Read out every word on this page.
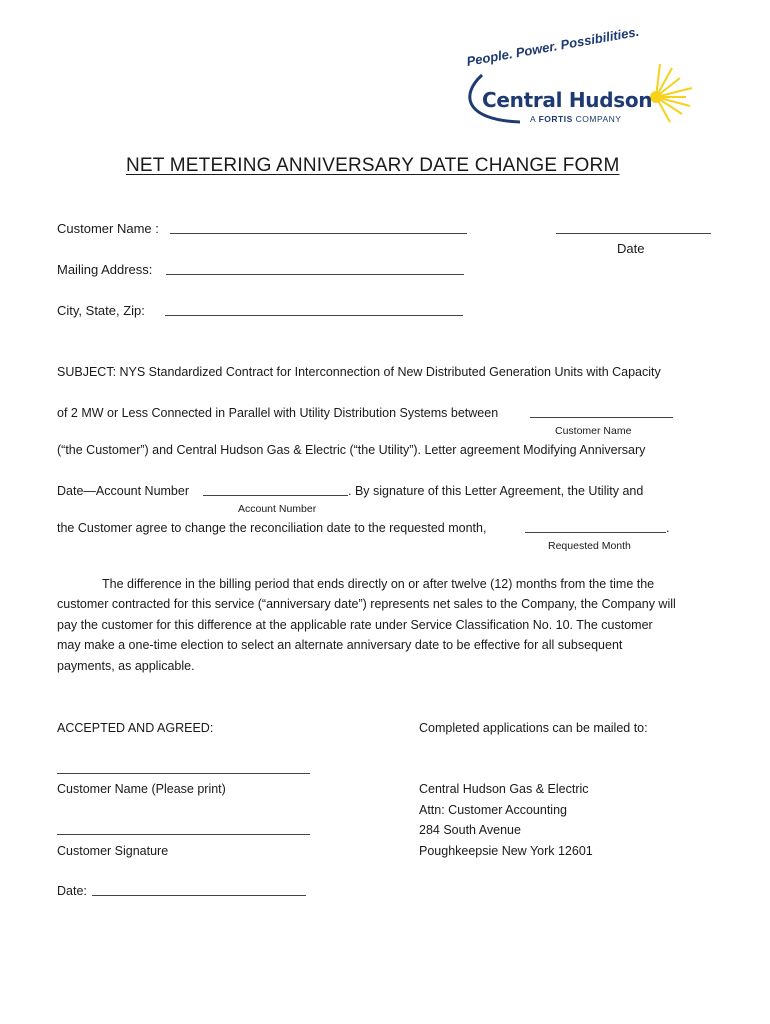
People. Power. Possibilities.
Central Hudson
A FORTIS COMPANY
NET METERING ANNIVERSARY DATE CHANGE FORM
Customer Name :
Date
Mailing Address:
City, State, Zip:
SUBJECT: NYS Standardized Contract for Interconnection of New Distributed Generation Units with Capacity
of 2 MW or Less Connected in Parallel with Utility Distribution Systems between
Customer Name
(“the Customer”) and Central Hudson Gas & Electric (“the Utility”). Letter agreement Modifying Anniversary
Date—Account Number	. By signature of this Letter Agreement, the Utility and
Account Number
the Customer agree to change the reconciliation date to the requested month,	.
Requested Month
The difference in the billing period that ends directly on or after twelve (12) months from the time the
customer contracted for this service (“anniversary date”) represents net sales to the Company, the Company will
pay the customer for this difference at the applicable rate under Service Classification No. 10. The customer
may make a one-time election to select an alternate anniversary date to be effective for all subsequent
payments, as applicable.
ACCEPTED AND AGREED:
Customer Name (Please print)
Customer Signature
Date:
Completed applications can be mailed to:
Central Hudson Gas & Electric
Attn: Customer Accounting
284 South Avenue
Poughkeepsie New York 12601
